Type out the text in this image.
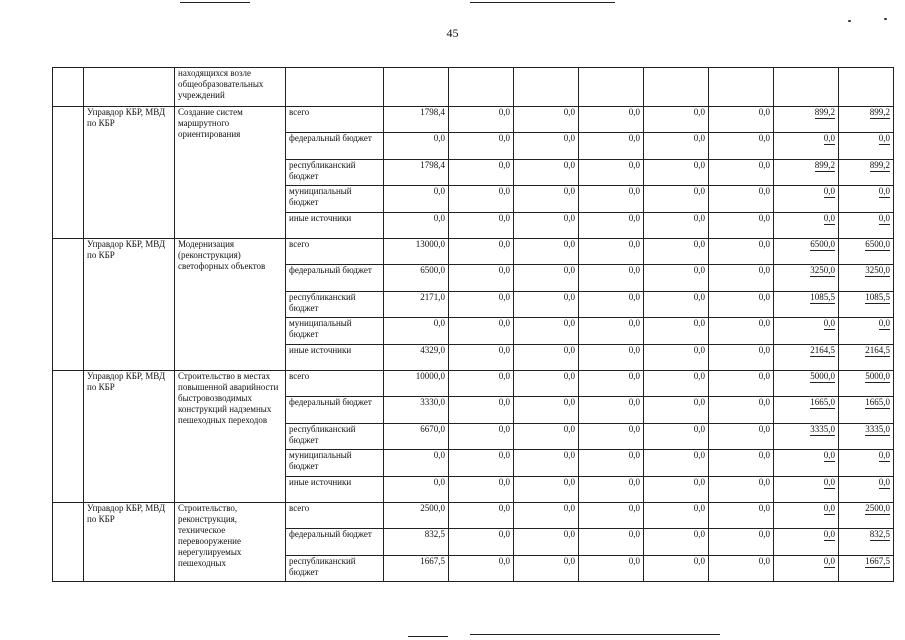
45
		находящихся возле общеобразовательных учреждений									
	Управдор КБР, МВД по КБР	Создание систем маршрутного ориентирования	всего	1798,4	0,0	0,0	0,0	0,0	0,0	899,2	899,2
			федеральный бюджет	0,0	0,0	0,0	0,0	0,0	0,0	0,0	0,0
			республиканский бюджет	1798,4	0,0	0,0	0,0	0,0	0,0	899,2	899,2
			муниципальный бюджет	0,0	0,0	0,0	0,0	0,0	0,0	0,0	0,0
			иные источники	0,0	0,0	0,0	0,0	0,0	0,0	0,0	0,0
	Управдор КБР, МВД по КБР	Модернизация (реконструкция) светофорных объектов	всего	13000,0	0,0	0,0	0,0	0,0	0,0	6500,0	6500,0
			федеральный бюджет	6500,0	0,0	0,0	0,0	0,0	0,0	3250,0	3250,0
			республиканский бюджет	2171,0	0,0	0,0	0,0	0,0	0,0	1085,5	1085,5
			муниципальный бюджет	0,0	0,0	0,0	0,0	0,0	0,0	0,0	0,0
			иные источники	4329,0	0,0	0,0	0,0	0,0	0,0	2164,5	2164,5
	Управдор КБР, МВД по КБР	Строительство в местах повышенной аварийности быстровозводимых конструкций надземных пешеходных переходов	всего	10000,0	0,0	0,0	0,0	0,0	0,0	5000,0	5000,0
			федеральный бюджет	3330,0	0,0	0,0	0,0	0,0	0,0	1665,0	1665,0
			республиканский бюджет	6670,0	0,0	0,0	0,0	0,0	0,0	3335,0	3335,0
			муниципальный бюджет	0,0	0,0	0,0	0,0	0,0	0,0	0,0	0,0
			иные источники	0,0	0,0	0,0	0,0	0,0	0,0	0,0	0,0
	Управдор КБР, МВД по КБР	Строительство, реконструкция, техническое перевооружение нерегулируемых пешеходных	всего	2500,0	0,0	0,0	0,0	0,0	0,0	0,0	2500,0
			федеральный бюджет	832,5	0,0	0,0	0,0	0,0	0,0	0,0	832,5
			республиканский бюджет	1667,5	0,0	0,0	0,0	0,0	0,0	0,0	1667,5
